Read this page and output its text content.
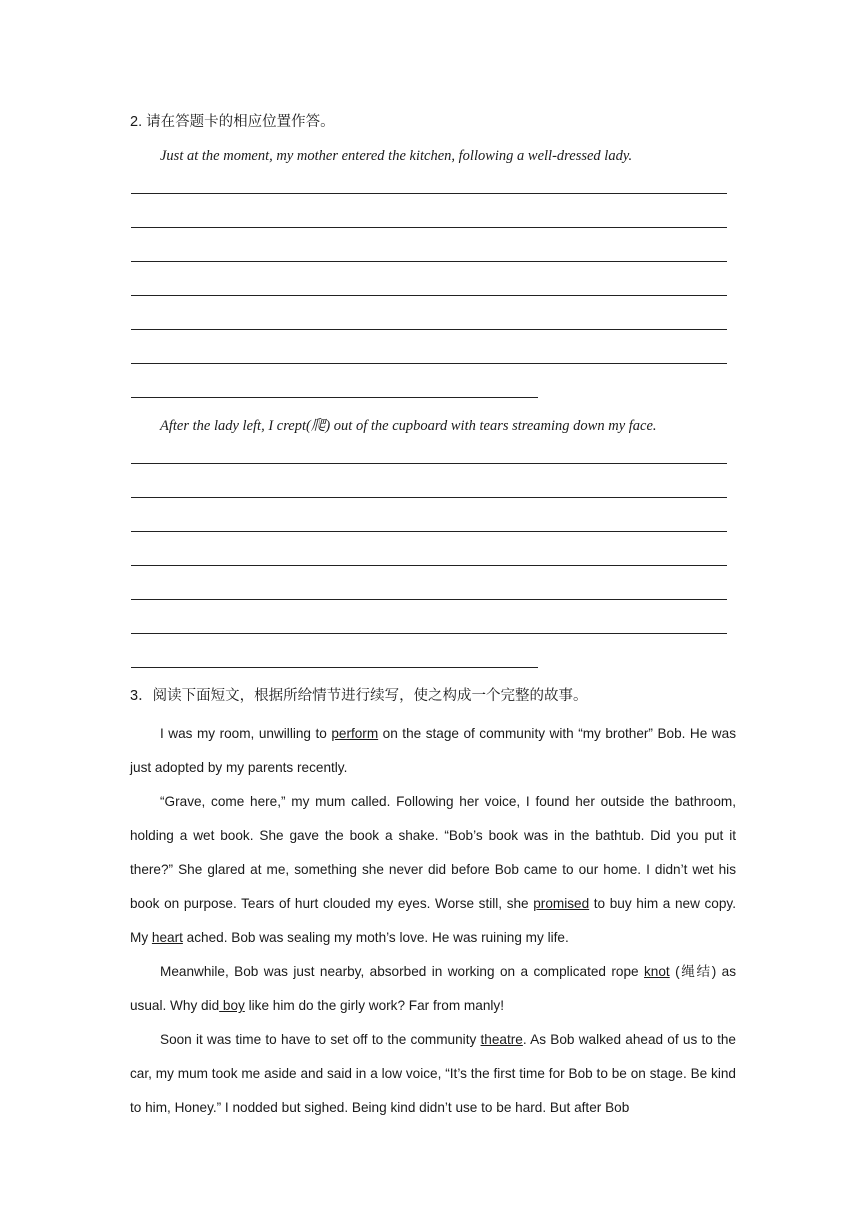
2. 请在答题卡的相应位置作答。
Just at the moment, my mother entered the kitchen, following a well-dressed lady.
After the lady left, I crept(爬) out of the cupboard with tears streaming down my face.
3．阅读下面短文，根据所给情节进行续写，使之构成一个完整的故事。

I was my room, unwilling to perform on the stage of community with “my brother” Bob. He was just adopted by my parents recently.

“Grave, come here,” my mum called. Following her voice, I found her outside the bathroom, holding a wet book. She gave the book a shake. “Bob’s book was in the bathtub. Did you put it there?” She glared at me, something she never did before Bob came to our home. I didn’t wet his book on purpose. Tears of hurt clouded my eyes. Worse still, she promised to buy him a new copy. My heart ached. Bob was sealing my moth’s love. He was ruining my life.

Meanwhile, Bob was just nearby, absorbed in working on a complicated rope knot (绳结) as usual. Why did boy like him do the girly work? Far from manly!

Soon it was time to have to set off to the community theatre. As Bob walked ahead of us to the car, my mum took me aside and said in a low voice, “It’s the first time for Bob to be on stage. Be kind to him, Honey.” I nodded but sighed. Being kind didn’t use to be hard. But after Bob
